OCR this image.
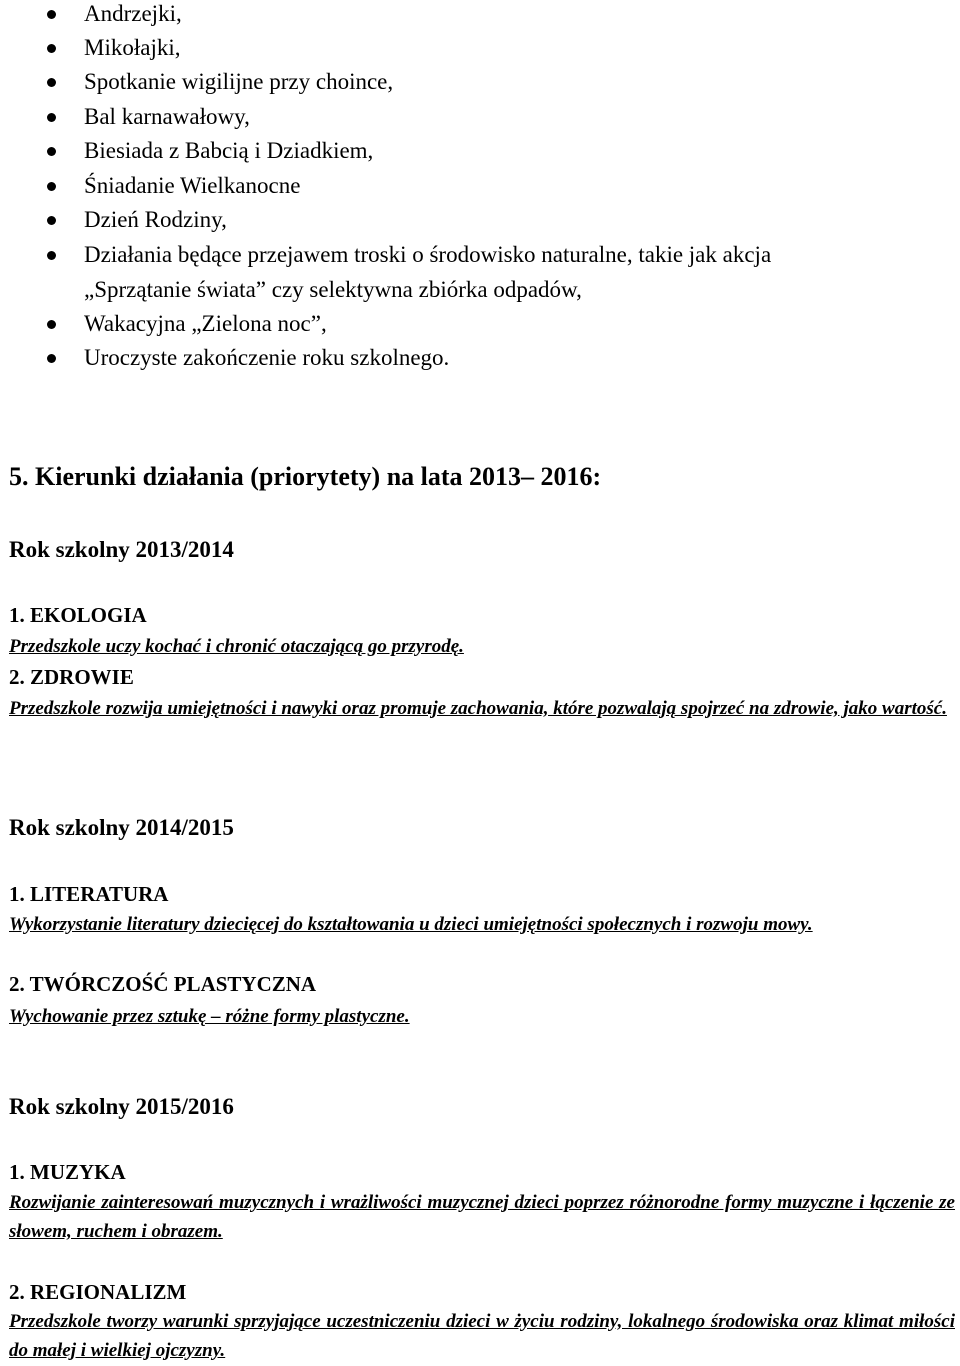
Andrzejki,
Mikołajki,
Spotkanie wigilijne przy choince,
Bal karnawałowy,
Biesiada z Babcią i Dziadkiem,
Śniadanie Wielkanocne
Dzień Rodziny,
Działania będące przejawem troski o środowisko naturalne, takie jak akcja
„Sprzątanie świata” czy selektywna zbiórka odpadów,
Wakacyjna „Zielona noc”,
Uroczyste zakończenie roku szkolnego.
5. Kierunki działania (priorytety) na lata 2013– 2016:
Rok szkolny 2013/2014
1. EKOLOGIA
Przedszkole uczy kochać i chronić otaczającą go przyrodę.
2. ZDROWIE
Przedszkole rozwija umiejętności i nawyki oraz promuje zachowania, które pozwalają spojrzeć na zdrowie, jako wartość.
Rok szkolny 2014/2015
1. LITERATURA
Wykorzystanie literatury dziecięcej do kształtowania u dzieci umiejętności społecznych i rozwoju mowy.
2. TWÓRCZOŚĆ PLASTYCZNA
Wychowanie przez sztukę – różne formy plastyczne.
Rok szkolny 2015/2016
1. MUZYKA
Rozwijanie zainteresowań muzycznych i wrażliwości muzycznej dzieci poprzez różnorodne formy muzyczne i łączenie ze słowem, ruchem i obrazem.
2. REGIONALIZM
Przedszkole tworzy warunki sprzyjające uczestniczeniu dzieci w życiu rodziny, lokalnego środowiska oraz klimat miłości do małej i wielkiej ojczyzny.
